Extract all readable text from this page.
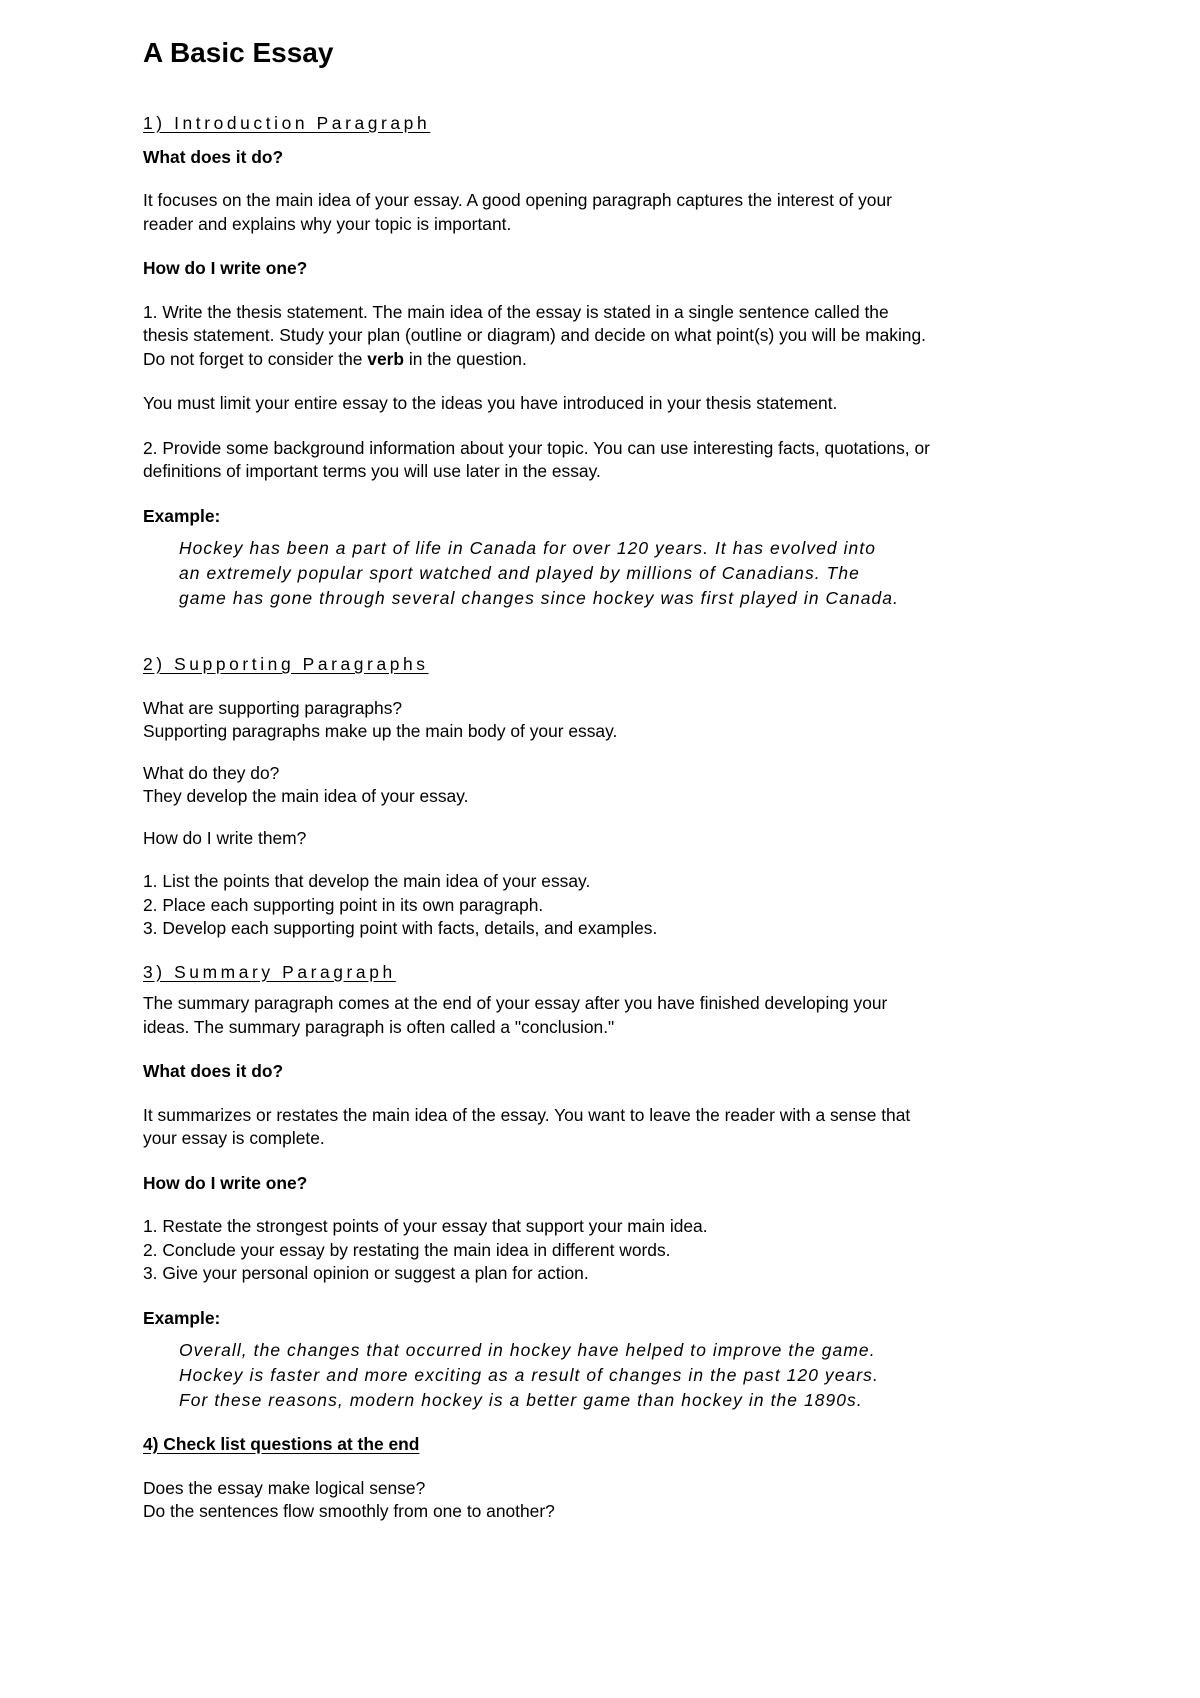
A Basic Essay

1) Introduction Paragraph

What does it do?

It focuses on the main idea of your essay. A good opening paragraph captures the interest of your

reader and explains why your topic is important.

How do I write one?

1. Write the thesis statement. The main idea of the essay is stated in a single sentence called the

thesis statement. Study your plan (outline or diagram) and decide on what point(s) you will be making.

Do not forget to consider the verb in the question.

You must limit your entire essay to the ideas you have introduced in your thesis statement.

2. Provide some background information about your topic. You can use interesting facts, quotations, or

definitions of important terms you will use later in the essay.

Example:

Hockey has been a part of life in Canada for over 120 years. It has evolved into

an extremely popular sport watched and played by millions of Canadians. The

game has gone through several changes since hockey was first played in Canada.

2) Supporting Paragraphs

What are supporting paragraphs?

Supporting paragraphs make up the main body of your essay.

What do they do?

They develop the main idea of your essay.

How do I write them?

1. List the points that develop the main idea of your essay.

2. Place each supporting point in its own paragraph.

3. Develop each supporting point with facts, details, and examples.

3) Summary Paragraph

The summary paragraph comes at the end of your essay after you have finished developing your

ideas. The summary paragraph is often called a "conclusion."

What does it do?

It summarizes or restates the main idea of the essay. You want to leave the reader with a sense that

your essay is complete.

How do I write one?

1. Restate the strongest points of your essay that support your main idea.

2. Conclude your essay by restating the main idea in different words.

3. Give your personal opinion or suggest a plan for action.

Example:

Overall, the changes that occurred in hockey have helped to improve the game.

Hockey is faster and more exciting as a result of changes in the past 120 years.

For these reasons, modern hockey is a better game than hockey in the 1890s.

4) Check list questions at the end

Does the essay make logical sense?

Do the sentences flow smoothly from one to another?
